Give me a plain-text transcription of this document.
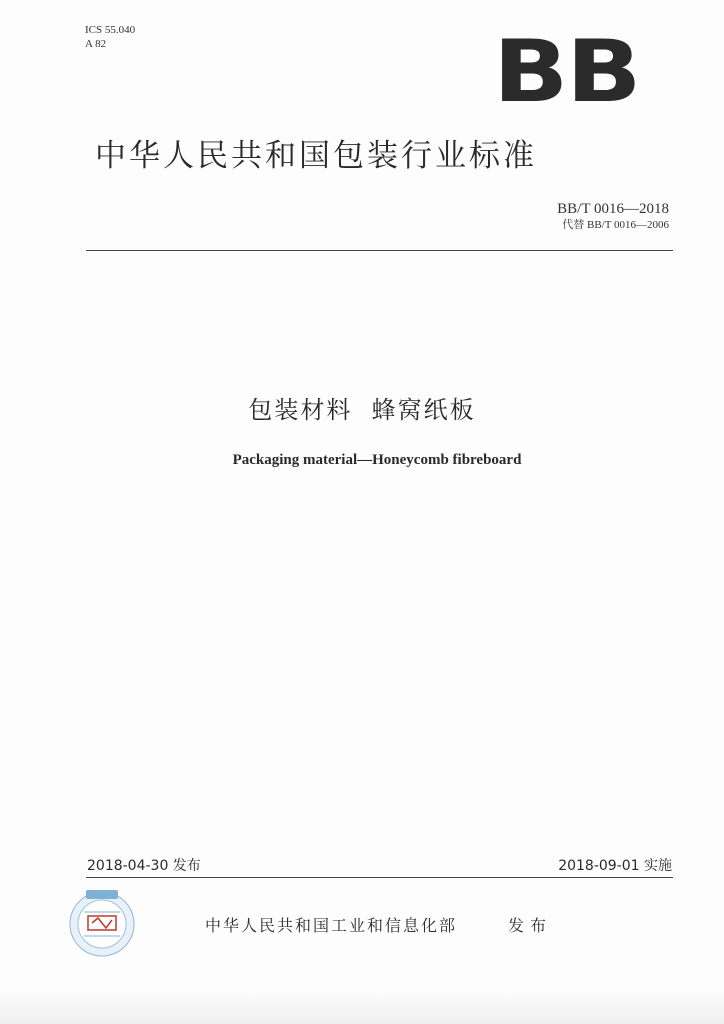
ICS 55.040
A 82	BB
中华人民共和国包装行业标准
BB/T 0016—2018
代替 BB/T 0016—2006
包装材料  蜂窝纸板
Packaging material—Honeycomb fibreboard
2018-04-30 发布	2018-09-01 实施
中华人民共和国工业和信息化部	发布
